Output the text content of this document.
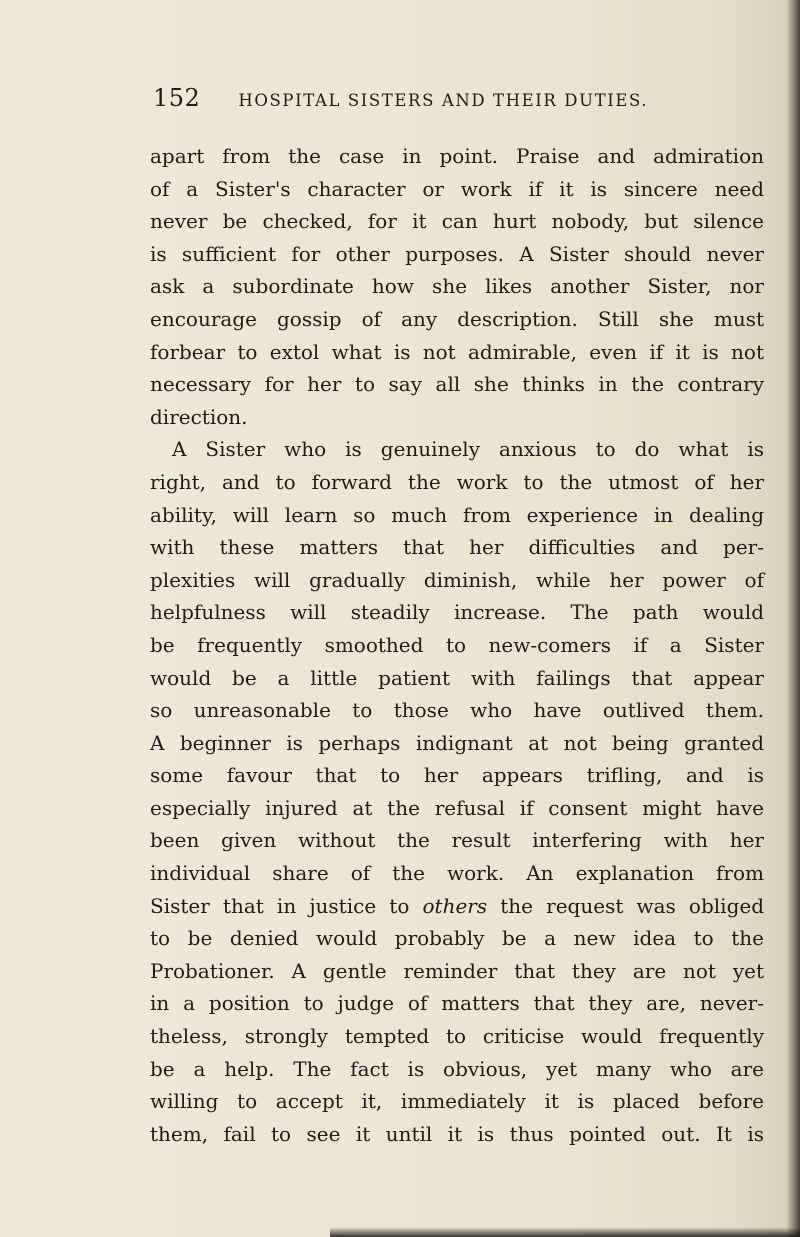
152 HOSPITAL SISTERS AND THEIR DUTIES.
apart from the case in point. Praise and admiration
of a Sister's character or work if it is sincere need
never be checked, for it can hurt nobody, but silence
is sufficient for other purposes. A Sister should never
ask a subordinate how she likes another Sister, nor
encourage gossip of any description. Still she must
forbear to extol what is not admirable, even if it is not
necessary for her to say all she thinks in the contrary
direction.
A Sister who is genuinely anxious to do what is
right, and to forward the work to the utmost of her
ability, will learn so much from experience in dealing
with these matters that her difficulties and per-
plexities will gradually diminish, while her power of
helpfulness will steadily increase. The path would
be frequently smoothed to new-comers if a Sister
would be a little patient with failings that appear
so unreasonable to those who have outlived them.
A beginner is perhaps indignant at not being granted
some favour that to her appears trifling, and is
especially injured at the refusal if consent might have
been given without the result interfering with her
individual share of the work. An explanation from
Sister that in justice to others the request was obliged
to be denied would probably be a new idea to the
Probationer. A gentle reminder that they are not yet
in a position to judge of matters that they are, never-
theless, strongly tempted to criticise would frequently
be a help. The fact is obvious, yet many who are
willing to accept it, immediately it is placed before
them, fail to see it until it is thus pointed out. It is
